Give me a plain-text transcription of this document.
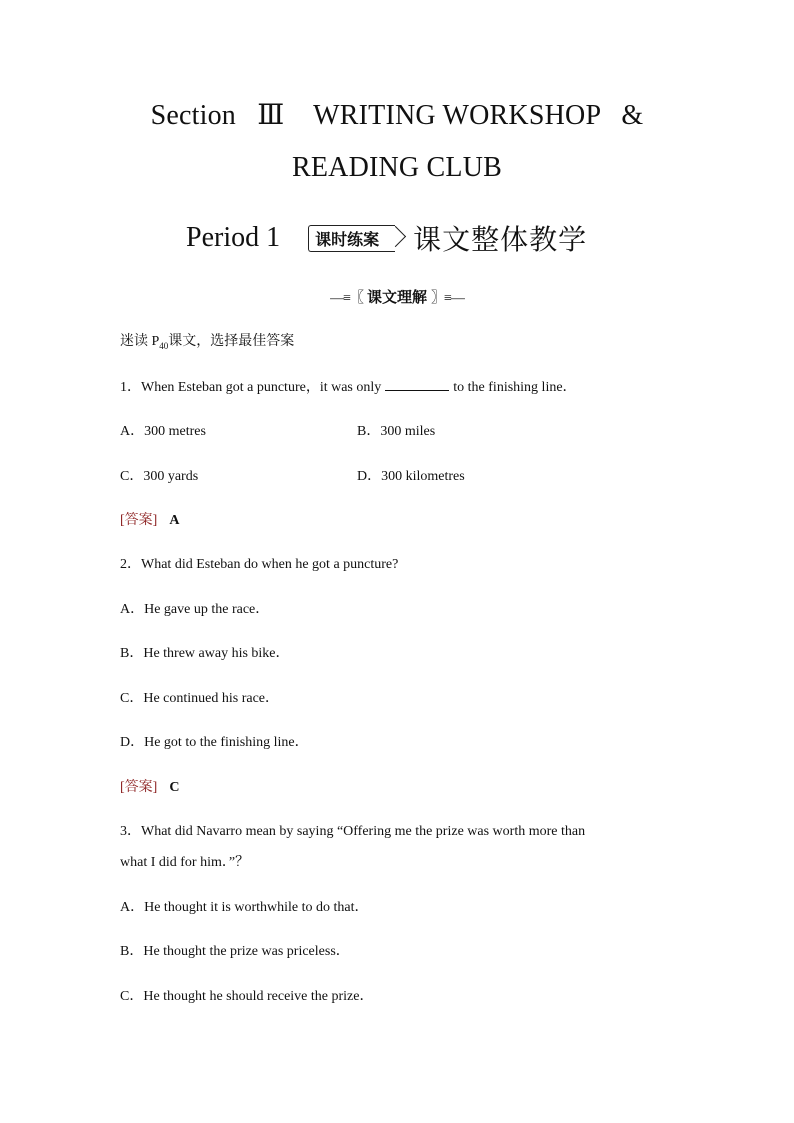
Section Ⅲ WRITING WORKSHOP &
READING CLUB
Period 1	课时练案	课文整体教学
—≡〖 课文理解 〗≡—
迷读 $P_{40}$课文，选择最佳答案
1．When Esteban got a puncture，it was only	to the finishing line．
A．300 metres	B．300 miles
C．300 yards	D．300 kilometres
[答案] A
2．What did Esteban do when he got a puncture?
A．He gave up the race．
B．He threw away his bike．
C．He continued his race．
D．He got to the finishing line．
[答案] C
3．What did Navarro mean by saying “Offering me the prize was worth more than
what I did for him．”？
A．He thought it is worthwhile to do that．
B．He thought the prize was priceless．
C．He thought he should receive the prize．
